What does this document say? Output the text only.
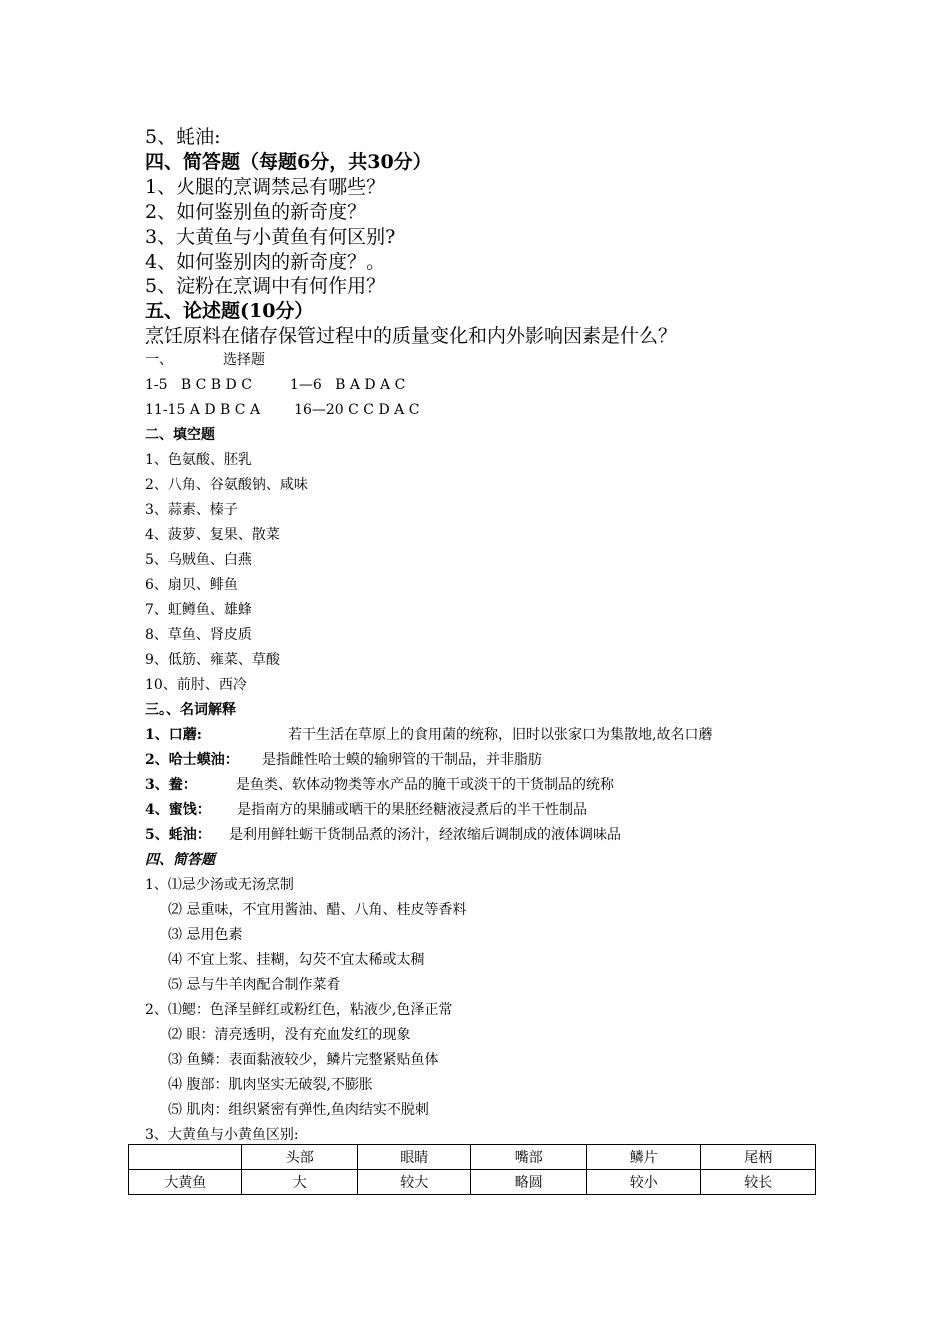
5、蚝油:
四、简答题（每题6分，共30分）
1、火腿的烹调禁忌有哪些？
2、如何鉴别鱼的新奇度？
3、大黄鱼与小黄鱼有何区别?
4、如何鉴别肉的新奇度？。
5、淀粉在烹调中有何作用？
五、论述题(10分）
烹饪原料在储存保管过程中的质量变化和内外影响因素是什么？
一、	选择题
1-5   B C B D C	1—6   B A D A C
11-15 A D B C A 16—20 C C D A C
二、填空题
1、色氨酸、胚乳
2、八角、谷氨酸钠、咸味
3、蒜素、榛子
4、菠萝、复果、散菜
5、乌贼鱼、白燕
6、扇贝、鲱鱼
7、虹鳟鱼、雄蜂
8、草鱼、肾皮质
9、低筋、雍菜、草酸
10、前肘、西冷
三。、名词解释
1、口蘑:	若干生活在草原上的食用菌的统称，旧时以张家口为集散地,故名口蘑
2、哈士蟆油： 是指雌性哈士蟆的输卵管的干制品，并非脂肪
3、鲞：	是鱼类、软体动物类等水产品的腌干或淡干的干货制品的统称
4、蜜饯： 是指南方的果脯或晒干的果胚经糖液浸煮后的半干性制品
5、蚝油： 是利用鲜牡蛎干货制品煮的汤汁，经浓缩后调制成的液体调味品
四、简答题
1、⑴忌少汤或无汤烹制
⑵ 忌重味，不宜用酱油、醋、八角、桂皮等香料
⑶ 忌用色素
⑷ 不宜上浆、挂糊，勾芡不宜太稀或太稠
⑸ 忌与牛羊肉配合制作菜肴
2、⑴鳃：色泽呈鲜红或粉红色，粘液少,色泽正常
⑵ 眼：清亮透明，没有充血发红的现象
⑶ 鱼鳞：表面黏液较少，鳞片完整紧贴鱼体
⑷ 腹部：肌肉坚实无破裂,不膨胀
⑸ 肌肉：组织紧密有弹性,鱼肉结实不脱刺
3、大黄鱼与小黄鱼区别:
	头部	眼睛	嘴部	鳞片	尾柄
大黄鱼	大	较大	略圆	较小	较长
